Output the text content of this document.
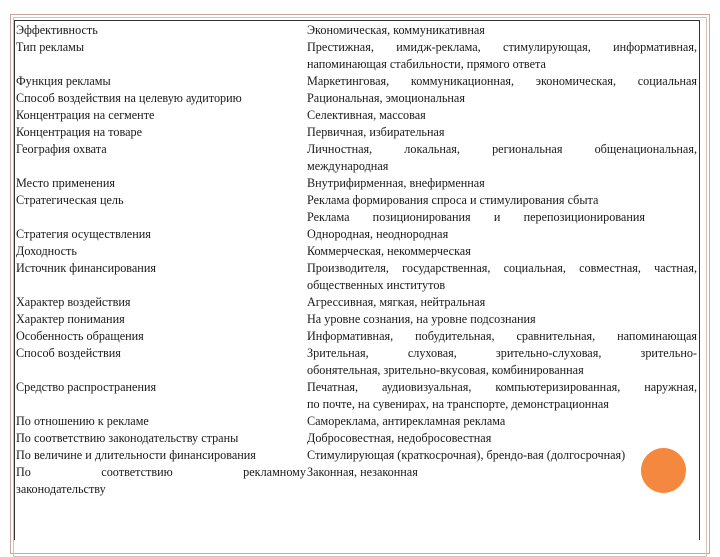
Эффективность
Тип рекламы
Функция рекламы
Способ воздействия на целевую аудиторию
Концентрация на сегменте
Концентрация на товаре
География охвата
Место применения
Стратегическая цель
Стратегия осуществления
Доходность
Источник финансирования
Характер воздействия
Характер понимания
Особенность обращения
Способ воздействия
Средство распространения
По отношению к рекламе
По соответствию законодательству страны
По величине и длительности финансирования
По соответствию рекламному
законодательству
Экономическая, коммуникативная
Престижная, имидж-реклама, стимулирующая, информативная,
напоминающая стабильности, прямого ответа
Маркетинговая, коммуникационная, экономическая, социальная
Рациональная, эмоциональная
Селективная, массовая
Первичная, избирательная
Личностная, локальная, региональная общенациональная,
международная
Внутрифирменная, внефирменная
Реклама формирования спроса и стимулирования сбыта
Реклама позиционирования и перепозиционирования
Однородная, неоднородная
Коммерческая, некоммерческая
Производителя, государственная, социальная, совместная, частная,
общественных институтов
Агрессивная, мягкая, нейтральная
На уровне сознания, на уровне подсознания
Информативная, побудительная, сравнительная, напоминающая
Зрительная, слуховая, зрительно-слуховая, зрительно-
обонятельная, зрительно-вкусовая, комбинированная
Печатная, аудиовизуальная, компьютеризированная, наружная,
по почте, на сувенирах, на транспорте, демонстрационная
Самореклама, антирекламная реклама
Добросовестная, недобросовестная
Стимулирующая (краткосрочная), брендо-вая (долгосрочная)
Законная, незаконная
